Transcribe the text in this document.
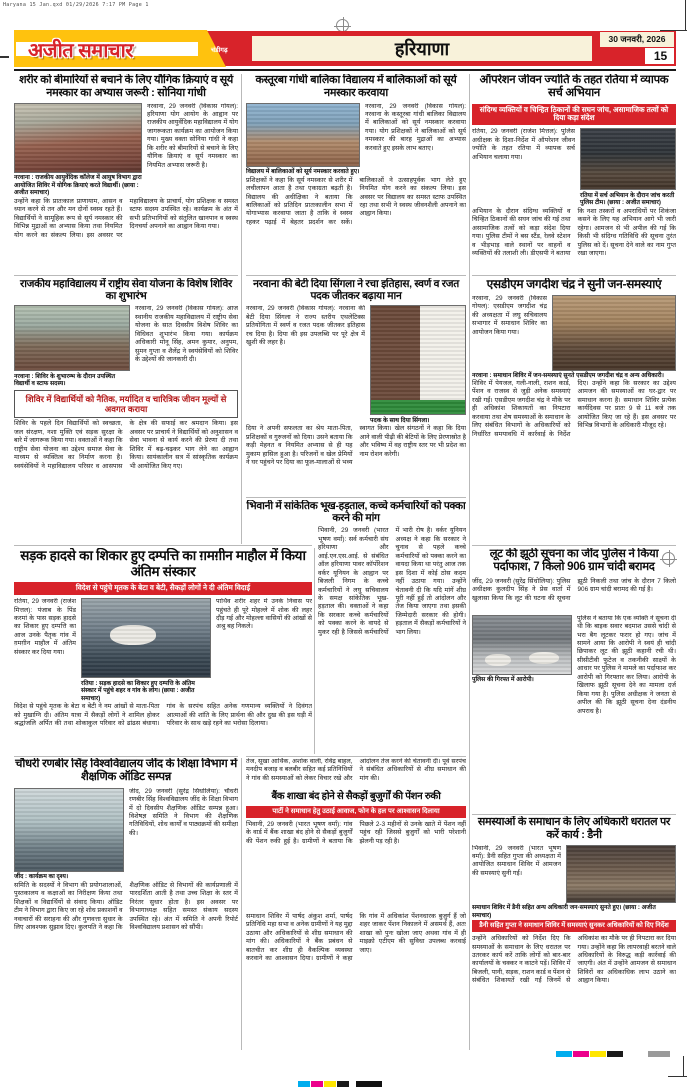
Haryana 15 Jan.qxd 01/29/2026 7:17 PM Page 1
अजीत समाचार	चंडीगढ़	हरियाणा	30 जनवरी, 2026
15
शरीर को बीमारियों से बचाने के लिए यौगिक क्रियाएं व सूर्य नमस्कार का अभ्यास जरूरी : सोनिया गांधी
नरवाना : राजकीय आयुर्वेदिक कॉलेज में आयुष विभाग द्वारा आयोजित शिविर में योगिक क्रियाएं करते विद्यार्थी। (छाया : अजीत समाचार)
नरवाना, 29 जनवरी (विकास गोयल): हरियाणा योग आयोग के आह्वान पर राजकीय आयुर्वेदिक महाविद्यालय में योग जागरूकता कार्यक्रम का आयोजन किया गया। मुख्य वक्ता सोनिया गांधी ने कहा कि शरीर को बीमारियों से बचाने के लिए यौगिक क्रियाएं व सूर्य नमस्कार का नियमित अभ्यास जरूरी है।
उन्होंने कहा कि प्रातःकाल प्राणायाम, आसन व ध्यान करने से तन और मन दोनों स्वस्थ रहते हैं। विद्यार्थियों ने सामूहिक रूप से सूर्य नमस्कार की विभिन्न मुद्राओं का अभ्यास किया तथा नियमित योग करने का संकल्प लिया। इस अवसर पर महाविद्यालय के प्राचार्य, योग प्रशिक्षक व समस्त स्टाफ सदस्य उपस्थित रहे। कार्यक्रम के अंत में सभी प्रतिभागियों को संतुलित खानपान व स्वस्थ दिनचर्या अपनाने का आह्वान किया गया।
कस्तूरबा गांधी बालिका विद्यालय में बालिकाओं को सूर्य नमस्कार करवाया
विद्यालय में बालिकाओं को सूर्य नमस्कार करवाते हुए।
नरवाना, 29 जनवरी (विकास गोयल): नरवाना के कस्तूरबा गांधी बालिका विद्यालय में बालिकाओं को सूर्य नमस्कार करवाया गया। योग प्रशिक्षकों ने बालिकाओं को सूर्य नमस्कार की बारह मुद्राओं का अभ्यास करवाते हुए इसके लाभ बताए।
प्रशिक्षकों ने कहा कि सूर्य नमस्कार से शरीर में लचीलापन आता है तथा एकाग्रता बढ़ती है। विद्यालय की अधीक्षिका ने बताया कि बालिकाओं को प्रतिदिन प्रातःकालीन सभा में योगाभ्यास करवाया जाता है ताकि वे स्वस्थ रहकर पढ़ाई में बेहतर प्रदर्शन कर सकें। बालिकाओं ने उत्साहपूर्वक भाग लेते हुए नियमित योग करने का संकल्प लिया। इस अवसर पर विद्यालय का समस्त स्टाफ उपस्थित रहा तथा सभी ने स्वस्थ जीवनशैली अपनाने का आह्वान किया।
ऑपरेशन जीवन ज्योति के तहत रतिया में व्यापक सर्च अभियान
संदिग्ध व्यक्तियों व चिन्हित ठिकानों की सघन जांच, असामाजिक तत्वों को दिया कड़ा संदेश
रतिया, 29 जनवरी (राजेश मित्तल): पुलिस अधीक्षक के दिशा-निर्देश में ऑपरेशन जीवन ज्योति के तहत रतिया में व्यापक सर्च अभियान चलाया गया।
रतिया में सर्च अभियान के दौरान जांच करती पुलिस टीम। (छाया : अजीत समाचार)
अभियान के दौरान संदिग्ध व्यक्तियों व चिन्हित ठिकानों की सघन जांच की गई तथा असामाजिक तत्वों को कड़ा संदेश दिया गया। पुलिस टीमों ने बस स्टैंड, रेलवे स्टेशन व भीड़भाड़ वाले स्थानों पर वाहनों व व्यक्तियों की तलाशी ली। डीएसपी ने बताया कि नशा तस्करों व अपराधियों पर शिकंजा कसने के लिए यह अभियान आगे भी जारी रहेगा। आमजन से भी अपील की गई कि किसी भी संदिग्ध गतिविधि की सूचना तुरंत पुलिस को दें। सूचना देने वाले का नाम गुप्त रखा जाएगा।
राजकीय महाविद्यालय में राष्ट्रीय सेवा योजना के विशेष शिविर का शुभारंभ
नरवाना : शिविर के शुभारम्भ के दौरान उपस्थित विद्यार्थी व स्टाफ सदस्य।
नरवाना, 29 जनवरी (विकास गोयल): आज स्थानीय राजकीय महाविद्यालय में राष्ट्रीय सेवा योजना के सात दिवसीय विशेष शिविर का विधिवत शुभारंभ किया गया। कार्यक्रम अधिकारी मोनू सिंह, अमन कुमार, अनुपम, सुमन गुप्ता व शैलेंद्र ने स्वयंसेवियों को शिविर के उद्देश्यों की जानकारी दी।
शिविर में विद्यार्थियों को नैतिक, मर्यादित व चारित्रिक जीवन मूल्यों से अवगत कराया
शिविर के पहले दिन विद्यार्थियों को स्वच्छता, जल संरक्षण, नशा मुक्ति एवं सड़क सुरक्षा के बारे में जागरूक किया गया। वक्ताओं ने कहा कि राष्ट्रीय सेवा योजना का उद्देश्य समाज सेवा के माध्यम से व्यक्तित्व का निर्माण करना है। स्वयंसेवियों ने महाविद्यालय परिसर व आसपास के क्षेत्र की सफाई कर श्रमदान किया। इस अवसर पर प्राचार्य ने विद्यार्थियों को अनुशासन व सेवा भावना से कार्य करने की प्रेरणा दी तथा शिविर में बढ़-चढ़कर भाग लेने का आह्वान किया। सायंकालीन सत्र में सांस्कृतिक कार्यक्रम भी आयोजित किए गए।
नरवाना की बेटी दिया सिंगला ने रचा इतिहास, स्वर्ण व रजत पदक जीतकर बढ़ाया मान
नरवाना, 29 जनवरी (विकास गोयल): नरवाना की बेटी दिया सिंगला ने राज्य स्तरीय एथलेटिक्स प्रतियोगिता में स्वर्ण व रजत पदक जीतकर इतिहास रच दिया है। दिया की इस उपलब्धि पर पूरे क्षेत्र में खुशी की लहर है।
पदक के साथ दिया सिंगला।
दिया ने अपनी सफलता का श्रेय माता-पिता, प्रशिक्षकों व गुरुजनों को दिया। उसने बताया कि कड़ी मेहनत व नियमित अभ्यास से ही यह मुकाम हासिल हुआ है। परिजनों व खेल प्रेमियों ने घर पहुंचने पर दिया का फूल-मालाओं से भव्य स्वागत किया। खेल संगठनों ने कहा कि दिया आने वाली पीढ़ी की बेटियों के लिए प्रेरणास्रोत है और भविष्य में वह राष्ट्रीय स्तर पर भी प्रदेश का नाम रोशन करेगी।
एसडीएम जगदीश चंद्र ने सुनी जन-समस्याएं
नरवाना, 29 जनवरी (विकास गोयल): एसडीएम जगदीश चंद्र की अध्यक्षता में लघु सचिवालय सभागार में समाधान शिविर का आयोजन किया गया।
नरवाना : समाधान शिविर में जन-समस्याएं सुनते एसडीएम जगदीश चंद्र व अन्य अधिकारी।
शिविर में पेयजल, गली-नाली, राशन कार्ड, पेंशन व राजस्व से जुड़ी अनेक समस्याएं रखी गईं। एसडीएम जगदीश चंद्र ने मौके पर ही अधिकांश शिकायतों का निपटारा करवाया तथा शेष समस्याओं के समाधान के लिए संबंधित विभागों के अधिकारियों को निर्धारित समयावधि में कार्रवाई के निर्देश दिए। उन्होंने कहा कि सरकार का उद्देश्य आमजन की समस्याओं का घर-द्वार पर समाधान करना है। समाधान शिविर प्रत्येक कार्यदिवस पर प्रातः 9 से 11 बजे तक आयोजित किए जा रहे हैं। इस अवसर पर विभिन्न विभागों के अधिकारी मौजूद रहे।
भिवानी में सांकेतिक भूख-हड़ताल, कच्चे कर्मचारियों को पक्का करने की मांग
भिवानी, 29 जनवरी (भारत भूषण वर्मा): सर्व कर्मचारी संघ हरियाणा और आई.एन.एस.आई. से संबंधित ऑल हरियाणा पावर कॉर्पोरेशन वर्कर यूनियन के आह्वान पर बिजली निगम के कच्चे कर्मचारियों ने लघु सचिवालय के समक्ष सांकेतिक भूख-हड़ताल की। वक्ताओं ने कहा कि सरकार कच्चे कर्मचारियों को पक्का करने के वायदे से मुकर रही है जिससे कर्मचारियों में भारी रोष है। वर्कर यूनियन अध्यक्ष ने कहा कि सरकार ने चुनाव से पहले कच्चे कर्मचारियों को पक्का करने का वायदा किया था परंतु आज तक इस दिशा में कोई ठोस कदम नहीं उठाया गया। उन्होंने चेतावनी दी कि यदि मांगें शीघ्र पूरी नहीं हुईं तो आंदोलन और तेज किया जाएगा तथा इसकी जिम्मेदारी सरकार की होगी। हड़ताल में सैकड़ों कर्मचारियों ने भाग लिया।
सड़क हादसे का शिकार हुए दम्पत्ति का ग़मग़ीन माहौल में किया अंतिम संस्कार
विदेश से पहुंचे मृतक के बेटा व बेटी, सैकड़ों लोगों ने दी अंतिम विदाई
रतिया, 29 जनवरी (राजेश मित्तल): पंजाब के पिंड करमां के पास सड़क हादसे का शिकार हुए दम्पत्ति का आज उनके पैतृक गांव में ग़मग़ीन माहौल में अंतिम संस्कार कर दिया गया।
रतिया : सड़क हादसे का शिकार हुए दम्पत्ति के अंतिम संस्कार में पहुंचे शहर व गांव के लोग। (छाया : अजीत समाचार)
पार्थिव शरीर शहर में उनके निवास पर पहुंचते ही पूरे मोहल्ले में शोक की लहर दौड़ गई और मोहल्ला वासियों की आंखों से अश्रु बह निकले।
विदेश से पहुंचे मृतक के बेटा व बेटी ने नम आंखों से माता-पिता को मुखाग्नि दी। अंतिम यात्रा में सैकड़ों लोगों ने शामिल होकर श्रद्धांजलि अर्पित की तथा शोकाकुल परिवार को ढांढस बंधाया। गांव के सरपंच सहित अनेक गणमान्य व्यक्तियों ने दिवंगत आत्माओं की शांति के लिए प्रार्थना की और दुख की इस घड़ी में परिवार के साथ खड़े रहने का भरोसा दिलाया।
लूट की झूठी सूचना का जींद पुलिस ने किया पर्दाफाश, 7 किलो 906 ग्राम चांदी बरामद
जींद, 29 जनवरी (सुरेंद्र सिंधोलिया): पुलिस अधीक्षक कुलदीप सिंह ने प्रेस वार्ता में खुलासा किया कि लूट की घटना की सूचना झूठी निकली तथा जांच के दौरान 7 किलो 906 ग्राम चांदी बरामद की गई है।
पुलिस की गिरफ्त में आरोपी।
पुलिस ने बताया कि एक व्यक्ति ने सूचना दी थी कि बाइक सवार बदमाश उससे चांदी से भरा बैग लूटकर फरार हो गए। जांच में सामने आया कि आरोपी ने स्वयं ही चांदी छिपाकर लूट की झूठी कहानी रची थी। सीसीटीवी फुटेज व तकनीकी साक्ष्यों के आधार पर पुलिस ने मामले का पर्दाफाश कर आरोपी को गिरफ्तार कर लिया। आरोपी के खिलाफ झूठी सूचना देने का मामला दर्ज किया गया है। पुलिस अधीक्षक ने जनता से अपील की कि झूठी सूचना देना दंडनीय अपराध है।
चौधरी रणबीर सिंह विश्वविद्यालय जींद के शिक्षा विभाग में शैक्षणिक ऑडिट सम्पन्न
जींद : कार्यक्रम का दृश्य।
जींद, 29 जनवरी (सुरेंद्र सिंधोलिया): चौधरी रणबीर सिंह विश्वविद्यालय जींद के शिक्षा विभाग में दो दिवसीय शैक्षणिक ऑडिट सम्पन्न हुआ। विशेषज्ञ समिति ने विभाग की शैक्षणिक गतिविधियों, शोध कार्यों व पाठ्यक्रमों की समीक्षा की।
समिति के सदस्यों ने विभाग की प्रयोगशालाओं, पुस्तकालय व कक्षाओं का निरीक्षण किया तथा शिक्षकों व विद्यार्थियों से संवाद किया। ऑडिट टीम ने विभाग द्वारा किए जा रहे शोध प्रकाशनों व नवाचारों की सराहना की और गुणवत्ता सुधार के लिए आवश्यक सुझाव दिए। कुलपति ने कहा कि शैक्षणिक ऑडिट से विभागों की कार्यप्रणाली में पारदर्शिता आती है तथा उच्च शिक्षा के स्तर में निरंतर सुधार होता है। इस अवसर पर विभागाध्यक्ष सहित समस्त संकाय सदस्य उपस्थित रहे। अंत में समिति ने अपनी रिपोर्ट विश्वविद्यालय प्रशासन को सौंपी।
तेज, सूखा आर्थिक, अशोक वाली, रविंद्र बाहल, मनदीप बजाड़ व बलबीर सहित कई प्रतिनिधियों ने गांव की समस्याओं को लेकर विचार रखे और आंदोलन तेज करने की चेतावनी दी। पूर्व सरपंच ने संबंधित अधिकारियों से शीघ्र समाधान की मांग की।
बैंक शाखा बंद होने से सैकड़ों बुजुर्गों की पेंशन रुकी
पार्टी ने समाधान हेतु उठाई आवाज, फोन के हल पर आश्वासन दिलाया
भिवानी, 29 जनवरी (भारत भूषण वर्मा): गांव के वार्ड में बैंक शाखा बंद होने से सैकड़ों बुजुर्गों की पेंशन रुकी हुई है। ग्रामीणों ने बताया कि पिछले 2-3 महीनों से उनके खाते में पेंशन नहीं पहुंच रही जिससे बुजुर्गों को भारी परेशानी झेलनी पड़ रही है।
समाधान शिविर में पार्षद अंकुश शर्मा, पार्षद प्रतिनिधि महा सभा व अनेक ग्रामीणों ने यह मुद्दा उठाया और अधिकारियों से शीघ्र समाधान की मांग की। अधिकारियों ने बैंक प्रबंधन से बातचीत कर शीघ्र ही वैकल्पिक व्यवस्था करवाने का आश्वासन दिया। ग्रामीणों ने कहा कि गांव में अधिकांश पेंशनधारक बुजुर्ग हैं जो शहर जाकर पेंशन निकालने में असमर्थ हैं, अतः शाखा को पुनः खोला जाए अथवा गांव में ही माइक्रो एटीएम की सुविधा उपलब्ध करवाई जाए।
समस्याओं के समाधान के लिए अधिकारी धरातल पर करें कार्य : डैनी
भिवानी, 29 जनवरी (भारत भूषण वर्मा): डैनी सहित गुप्ता की अध्यक्षता में आयोजित समाधान शिविर में आमजन की समस्याएं सुनी गईं।
समाधान शिविर में डैनी सहित अन्य अधिकारी जन-समस्याएं सुनते हुए। (छाया : अजीत समाचार)
डैनी सहित गुप्ता ने समाधान शिविर में समस्याएं सुनकर अधिकारियों को दिए निर्देश
उन्होंने अधिकारियों को निर्देश दिए कि समस्याओं के समाधान के लिए धरातल पर उतरकर कार्य करें ताकि लोगों को बार-बार कार्यालयों के चक्कर न काटने पड़ें। शिविर में बिजली, पानी, सड़क, राशन कार्ड व पेंशन से संबंधित शिकायतें रखी गईं जिनमें से अधिकांश का मौके पर ही निपटारा कर दिया गया। उन्होंने कहा कि लापरवाही बरतने वाले अधिकारियों के विरुद्ध कड़ी कार्रवाई की जाएगी। अंत में उन्होंने आमजन से समाधान शिविरों का अधिकाधिक लाभ उठाने का आह्वान किया।
